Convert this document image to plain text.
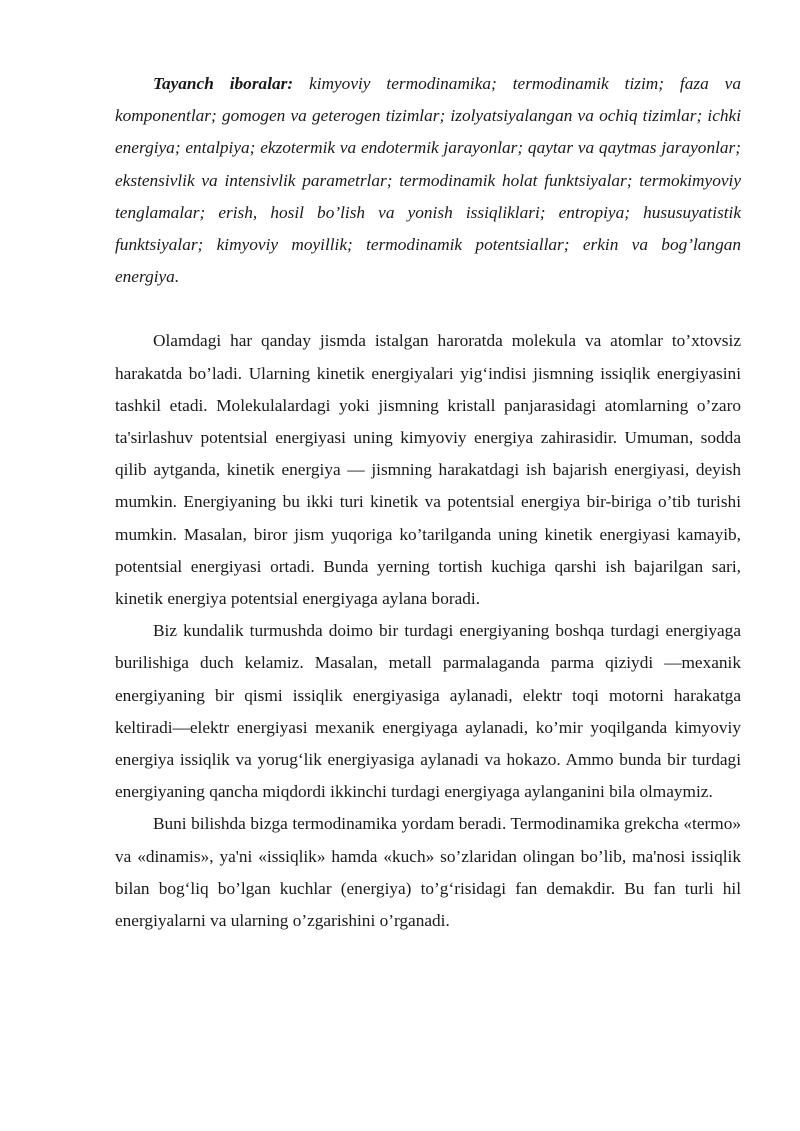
Tayanch iboralar: kimyoviy termodinamika; termodinamik tizim; faza va komponentlar; gomogen va geterogen tizimlar; izolyatsiyalangan va ochiq tizimlar; ichki energiya; entalpiya; ekzotermik va endotermik jarayonlar; qaytar va qaytmas jarayonlar; ekstensivlik va intensivlik parametrlar; termodinamik holat funktsiyalar; termokimyoviy tenglamalar; erish, hosil bo’lish va yonish issiqliklari; entropiya; hususuyatistik funktsiyalar; kimyoviy moyillik; termodinamik potentsiallar; erkin va bog’langan energiya.

Olamdagi har qanday jismda istalgan haroratda molekula va atomlar to’xtovsiz harakatda bo’ladi. Ularning kinetik energiyalari yig‘indisi jismning issiqlik energiyasini tashkil etadi. Molekulalardagi yoki jismning kristall panjarasidagi atomlarning o’zaro ta'sirlashuv potentsial energiyasi uning kimyoviy energiya zahirasidir. Umuman, sodda qilib aytganda, kinetik energiya — jismning harakatdagi ish bajarish energiyasi, deyish mumkin. Energiyaning bu ikki turi kinetik va potentsial energiya bir-biriga o’tib turishi mumkin. Masalan, biror jism yuqoriga ko’tarilganda uning kinetik energiyasi kamayib, potentsial energiyasi ortadi. Bunda yerning tortish kuchiga qarshi ish bajarilgan sari, kinetik energiya potentsial energiyaga aylana boradi.

Biz kundalik turmushda doimo bir turdagi energiyaning boshqa turdagi energiyaga burilishiga duch kelamiz. Masalan, metall parmalaganda parma qiziydi —mexanik energiyaning bir qismi issiqlik energiyasiga aylanadi, elektr toqi motorni harakatga keltiradi—elektr energiyasi mexanik energiyaga aylanadi, ko’mir yoqilganda kimyoviy energiya issiqlik va yorug‘lik energiyasiga aylanadi va hokazo. Ammo bunda bir turdagi energiyaning qancha miqdordi ikkinchi turdagi energiyaga aylanganini bila olmaymiz.

Buni bilishda bizga termodinamika yordam beradi. Termodinamika grekcha «termo» va «dinamis», ya'ni «issiqlik» hamda «kuch» so’zlaridan olingan bo’lib, ma'nosi issiqlik bilan bog‘liq bo’lgan kuchlar (energiya) to’g‘risidagi fan demakdir. Bu fan turli hil energiyalarni va ularning o’zgarishini o’rganadi.
